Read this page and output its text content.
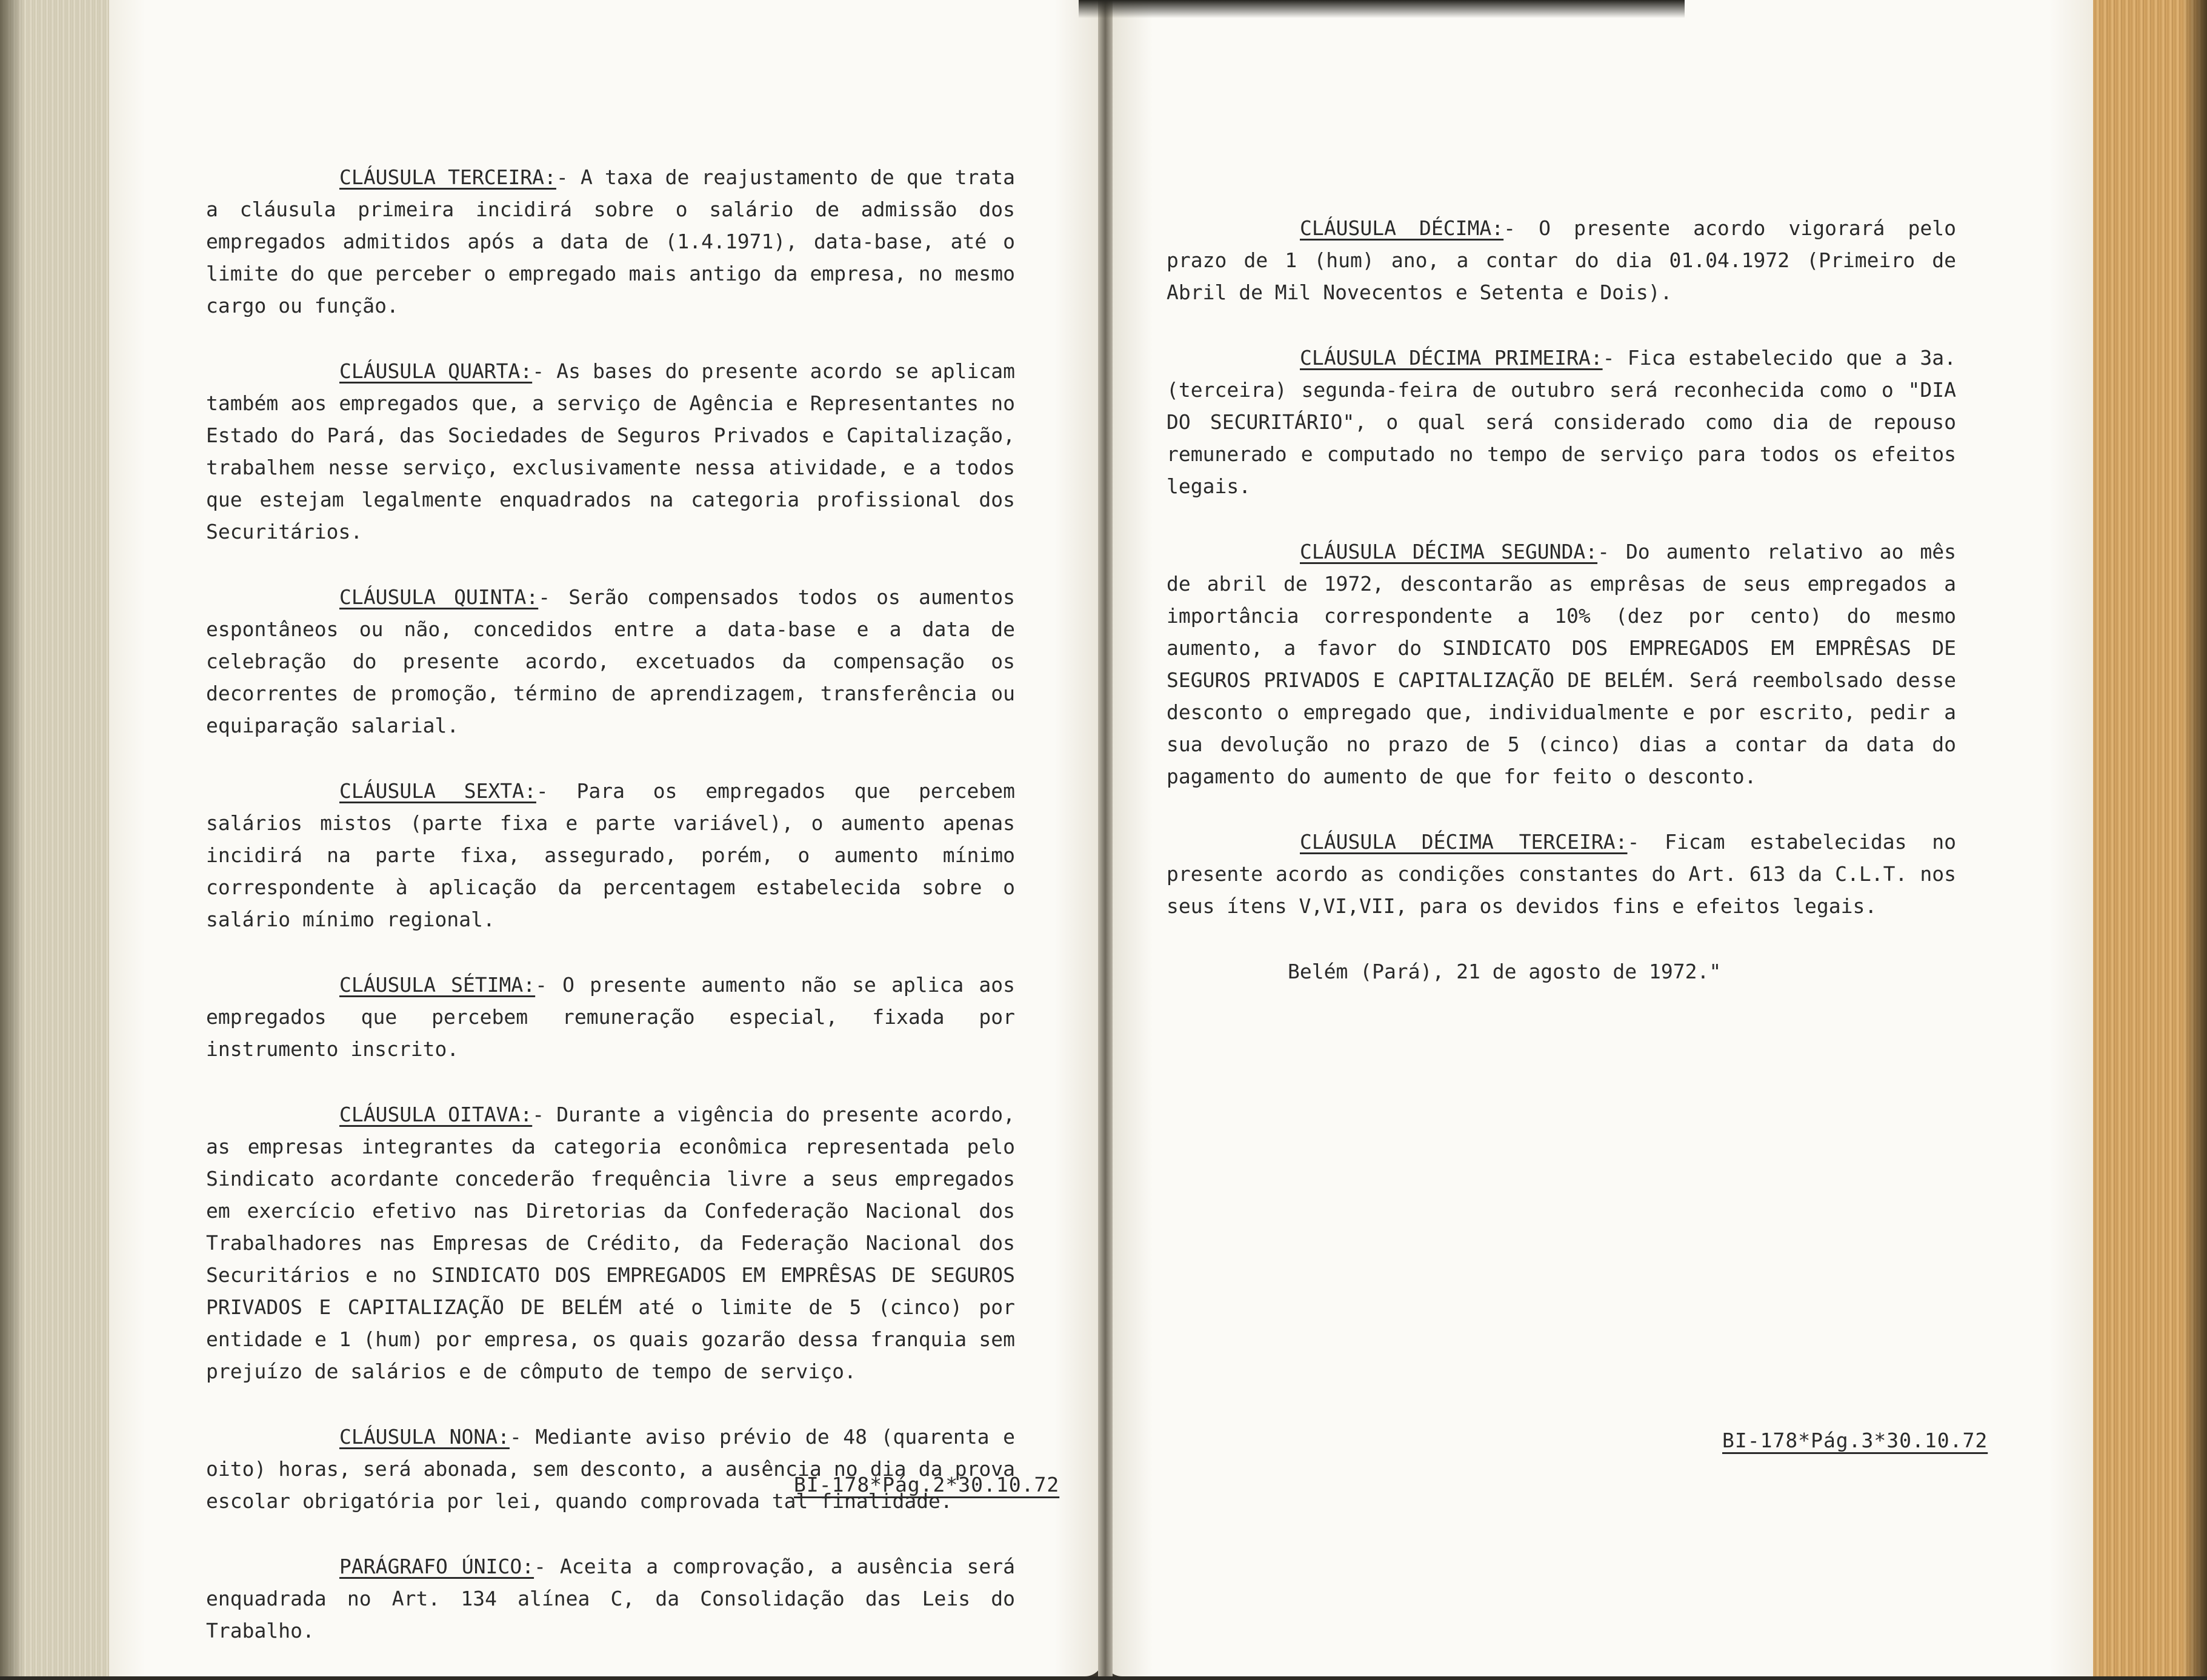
CLÁUSULA TERCEIRA:- A taxa de reajustamento de que trata a cláusula primeira incidirá sobre o salário de admissão dos empregados admitidos após a data de (1.4.1971), data-base, até o limite do que perceber o empregado mais antigo da empresa, no mesmo cargo ou função.

CLÁUSULA QUARTA:- As bases do presente acordo se aplicam também aos empregados que, a serviço de Agência e Representantes no Estado do Pará, das Sociedades de Seguros Privados e Capitalização, trabalhem nesse serviço, exclusivamente nessa atividade, e a todos que estejam legalmente enquadrados na categoria profissional dos Securitários.

CLÁUSULA QUINTA:- Serão compensados todos os aumentos espontâneos ou não, concedidos entre a data-base e a data de celebração do presente acordo, excetuados da compensação os decorrentes de promoção, término de aprendizagem, transferência ou equiparação salarial.

CLÁUSULA SEXTA:- Para os empregados que percebem salários mistos (parte fixa e parte variável), o aumento apenas incidirá na parte fixa, assegurado, porém, o aumento mínimo correspondente à aplicação da percentagem estabelecida sobre o salário mínimo regional.

CLÁUSULA SÉTIMA:- O presente aumento não se aplica aos empregados que percebem remuneração especial, fixada por instrumento inscrito.

CLÁUSULA OITAVA:- Durante a vigência do presente acordo, as empresas integrantes da categoria econômica representada pelo Sindicato acordante concederão frequência livre a seus empregados em exercício efetivo nas Diretorias da Confederação Nacional dos Trabalhadores nas Empresas de Crédito, da Federação Nacional dos Securitários e no SINDICATO DOS EMPREGADOS EM EMPRÊSAS DE SEGUROS PRIVADOS E CAPITALIZAÇÃO DE BELÉM até o limite de 5 (cinco) por entidade e 1 (hum) por empresa, os quais gozarão dessa franquia sem prejuízo de salários e de cômputo de tempo de serviço.

CLÁUSULA NONA:- Mediante aviso prévio de 48 (quarenta e oito) horas, será abonada, sem desconto, a ausência no dia da prova escolar obrigatória por lei, quando comprovada tal finalidade.

PARÁGRAFO ÚNICO:- Aceita a comprovação, a ausência será enquadrada no Art. 134 alínea C, da Consolidação das Leis do Trabalho.

BI-178*Pág.2*30.10.72

CLÁUSULA DÉCIMA:- O presente acordo vigorará pelo prazo de 1 (hum) ano, a contar do dia 01.04.1972 (Primeiro de Abril de Mil Novecentos e Setenta e Dois).

CLÁUSULA DÉCIMA PRIMEIRA:- Fica estabelecido que a 3a. (terceira) segunda-feira de outubro será reconhecida como o "DIA DO SECURITÁRIO", o qual será considerado como dia de repouso remunerado e computado no tempo de serviço para todos os efeitos legais.

CLÁUSULA DÉCIMA SEGUNDA:- Do aumento relativo ao mês de abril de 1972, descontarão as emprêsas de seus empregados a importância correspondente a 10% (dez por cento) do mesmo aumento, a favor do SINDICATO DOS EMPREGADOS EM EMPRÊSAS DE SEGUROS PRIVADOS E CAPITALIZAÇÃO DE BELÉM. Será reembolsado desse desconto o empregado que, individualmente e por escrito, pedir a sua devolução no prazo de 5 (cinco) dias a contar da data do pagamento do aumento de que for feito o desconto.

CLÁUSULA DÉCIMA TERCEIRA:- Ficam estabelecidas no presente acordo as condições constantes do Art. 613 da C.L.T. nos seus ítens V,VI,VII, para os devidos fins e efeitos legais.

Belém (Pará), 21 de agosto de 1972."

BI-178*Pág.3*30.10.72
